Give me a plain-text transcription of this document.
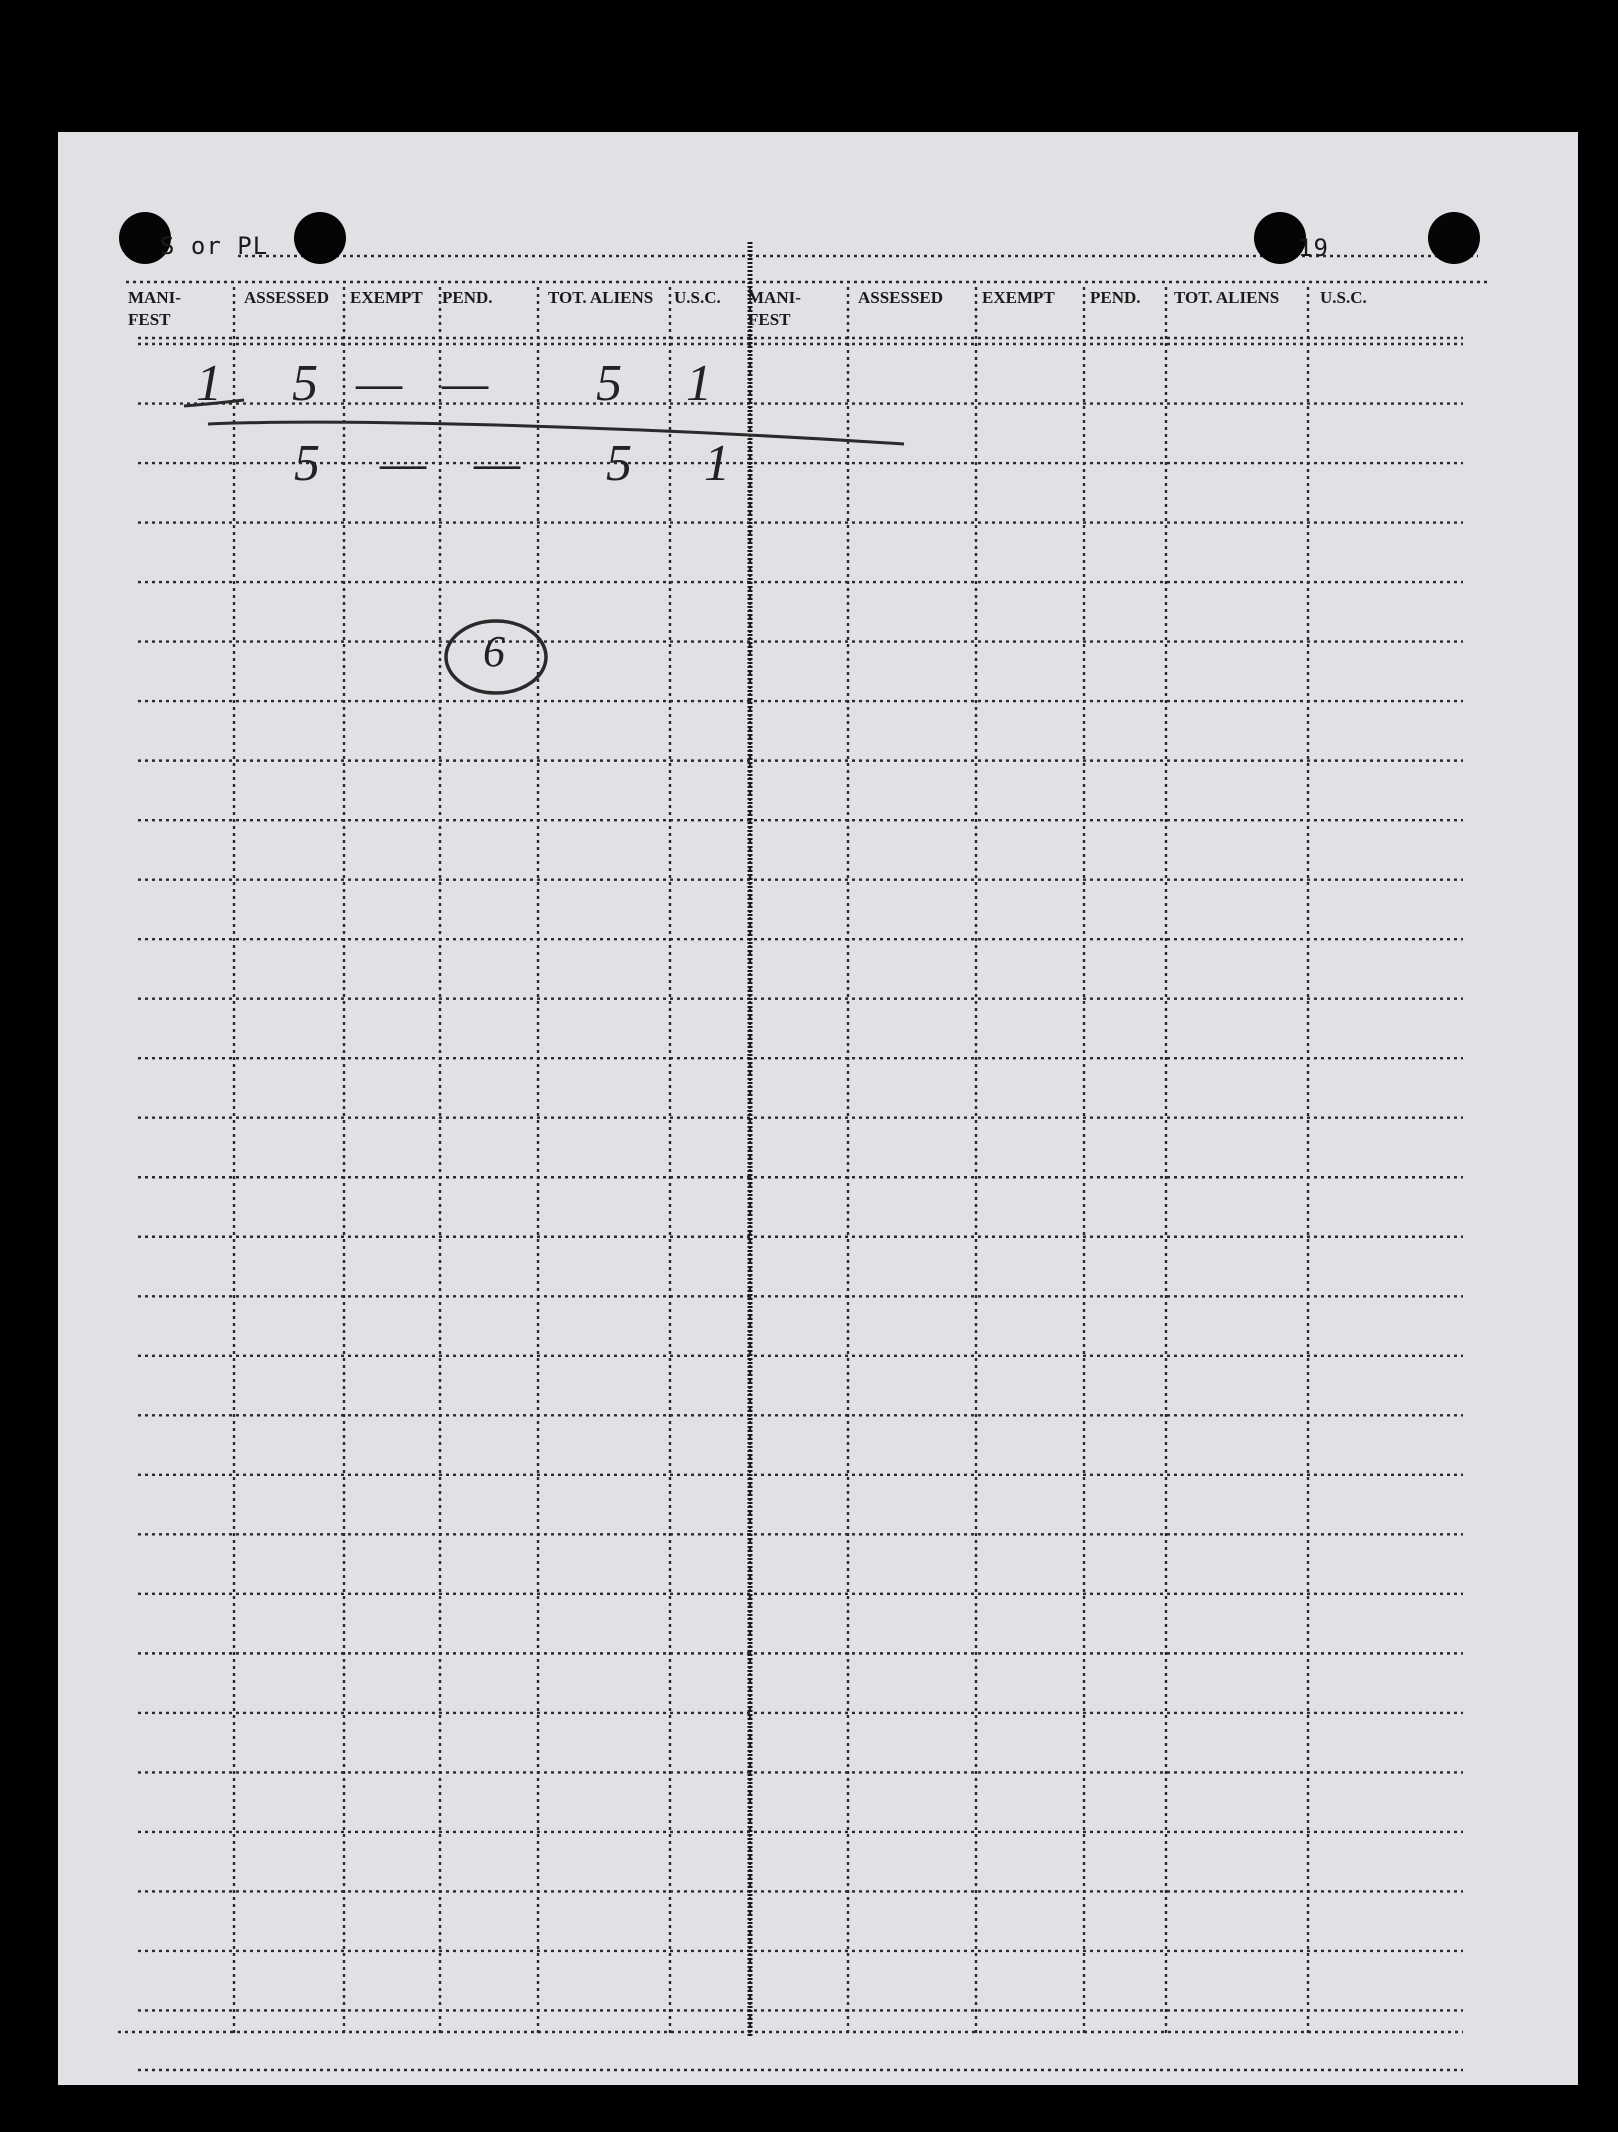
S or PL	19
MANI-
FEST
ASSESSED EXEMPT PEND.	TOT. ALIENS U.S.C. MANI-
FEST
ASSESSED EXEMPT PEND. TOT. ALIENS U.S.C.
1 5 — — 5 1
5 — — 5 1
6
